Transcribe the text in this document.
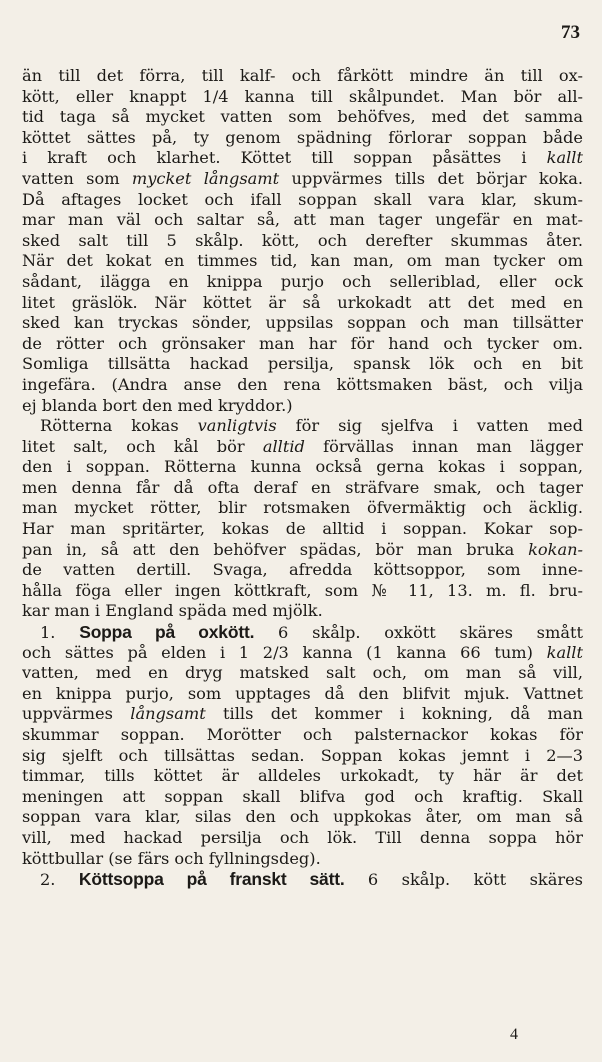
73
än till det förra, till kalf- och fårkött mindre än till ox-
kött, eller knappt 1/4 kanna till skålpundet. Man bör all-
tid taga så mycket vatten som behöfves, med det samma
köttet sättes på, ty genom spädning förlorar soppan både
i kraft och klarhet. Köttet till soppan påsättes i kallt
vatten som mycket långsamt uppvärmes tills det börjar koka.
Då aftages locket och ifall soppan skall vara klar, skum-
mar man väl och saltar så, att man tager ungefär en mat-
sked salt till 5 skålp. kött, och derefter skummas åter.
När det kokat en timmes tid, kan man, om man tycker om
sådant, ilägga en knippa purjo och selleriblad, eller ock
litet gräslök. När köttet är så urkokadt att det med en
sked kan tryckas sönder, uppsilas soppan och man tillsätter
de rötter och grönsaker man har för hand och tycker om.
Somliga tillsätta hackad persilja, spansk lök och en bit
ingefära. (Andra anse den rena köttsmaken bäst, och vilja
ej blanda bort den med kryddor.)
Rötterna kokas vanligtvis för sig sjelfva i vatten med
litet salt, och kål bör alltid förvällas innan man lägger
den i soppan. Rötterna kunna också gerna kokas i soppan,
men denna får då ofta deraf en sträfvare smak, och tager
man mycket rötter, blir rotsmaken öfvermäktig och äcklig.
Har man spritärter, kokas de alltid i soppan. Kokar sop-
pan in, så att den behöfver spädas, bör man bruka kokan-
de vatten dertill. Svaga, afredda köttsoppor, som inne-
hålla föga eller ingen köttkraft, som № 11, 13. m. fl. bru-
kar man i England späda med mjölk.
1. Soppa på oxkött. 6 skålp. oxkött skäres smått
och sättes på elden i 1 2/3 kanna (1 kanna 66 tum) kallt
vatten, med en dryg matsked salt och, om man så vill,
en knippa purjo, som upptages då den blifvit mjuk. Vattnet
uppvärmes långsamt tills det kommer i kokning, då man
skummar soppan. Morötter och palsternackor kokas för
sig sjelft och tillsättas sedan. Soppan kokas jemnt i 2—3
timmar, tills köttet är alldeles urkokadt, ty här är det
meningen att soppan skall blifva god och kraftig. Skall
soppan vara klar, silas den och uppkokas åter, om man så
vill, med hackad persilja och lök. Till denna soppa hör
köttbullar (se färs och fyllningsdeg).
2. Köttsoppa på franskt sätt. 6 skålp. kött skäres
4
